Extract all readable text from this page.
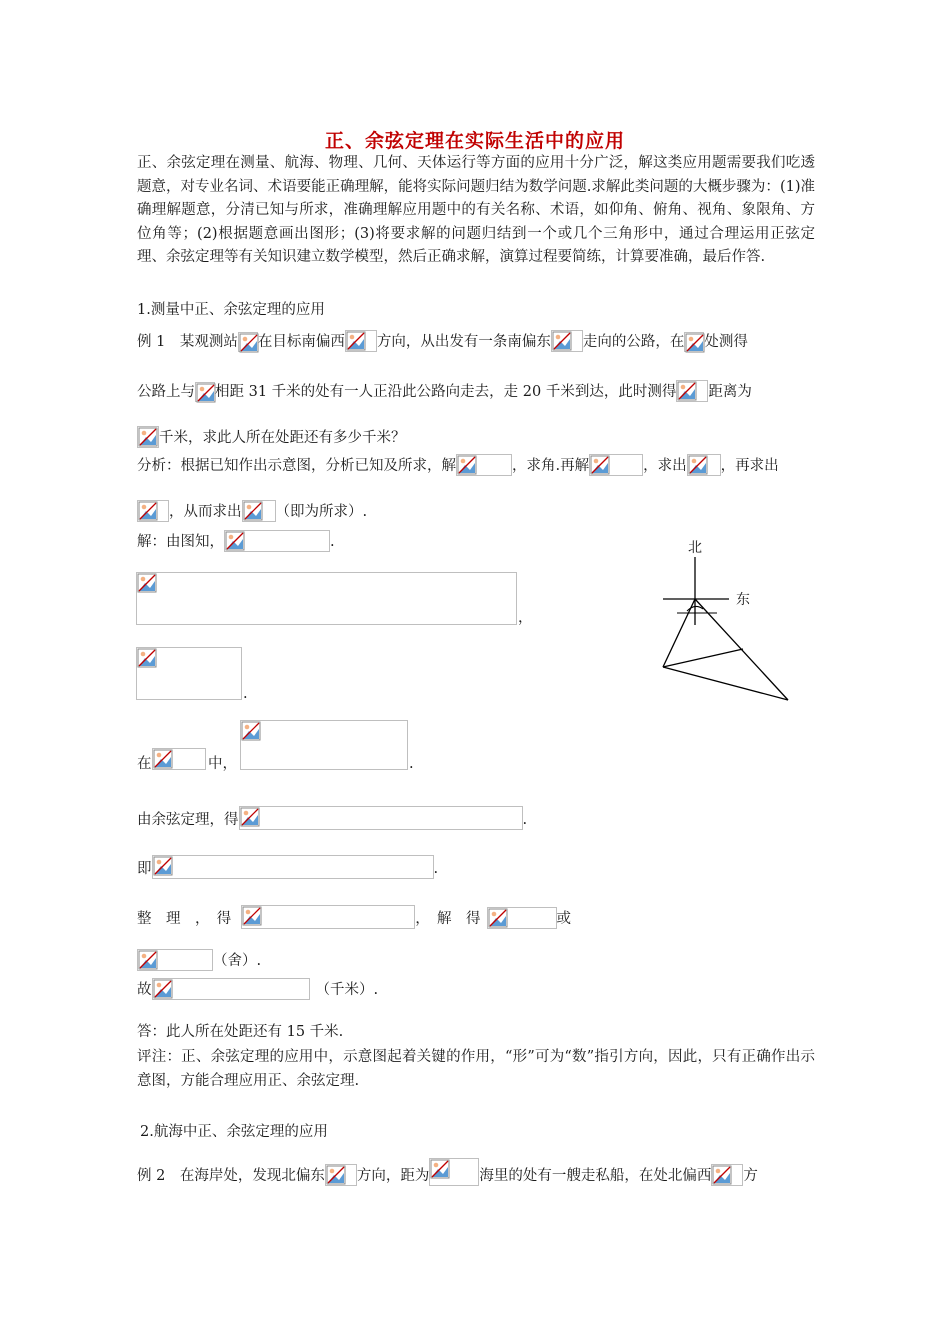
正、余弦定理在实际生活中的应用
正、余弦定理在测量、航海、物理、几何、天体运行等方面的应用十分广泛，解这类应用题需要我们吃透题意，对专业名词、术语要能正确理解，能将实际问题归结为数学问题.求解此类问题的大概步骤为：(1)准确理解题意，分清已知与所求，准确理解应用题中的有关名称、术语，如仰角、俯角、视角、象限角、方位角等；(2)根据题意画出图形；(3)将要求解的问题归结到一个或几个三角形中，通过合理运用正弦定理、余弦定理等有关知识建立数学模型，然后正确求解，演算过程要简练，计算要准确，最后作答.
1.测量中正、余弦定理的应用
例 1　某观测站 在目标南偏西 方向，从出发有一条南偏东 走向的公路，在 处测得
公路上与 相距 31 千米的处有一人正沿此公路向走去，走 20 千米到达，此时测得 距离为
千米，求此人所在处距还有多少千米？
分析：根据已知作出示意图，分析已知及所求，解	，求角.再解	，求出 ，再求出
，从而求出 （即为所求）.
解：由图知，	.
，
.
在	中，	.
由余弦定理，得	.
即	.
整　理　，　得	，　解　得	或
（舍）.
故	（千米）.
答：此人所在处距还有 15 千米.
评注：正、余弦定理的应用中，示意图起着关键的作用，“形”可为“数”指引方向，因此，只有正确作出示意图，方能合理应用正、余弦定理.
2.航海中正、余弦定理的应用
例 2　在海岸处，发现北偏东 方向，距为	海里的处有一艘走私船，在处北偏西 方
北
东
